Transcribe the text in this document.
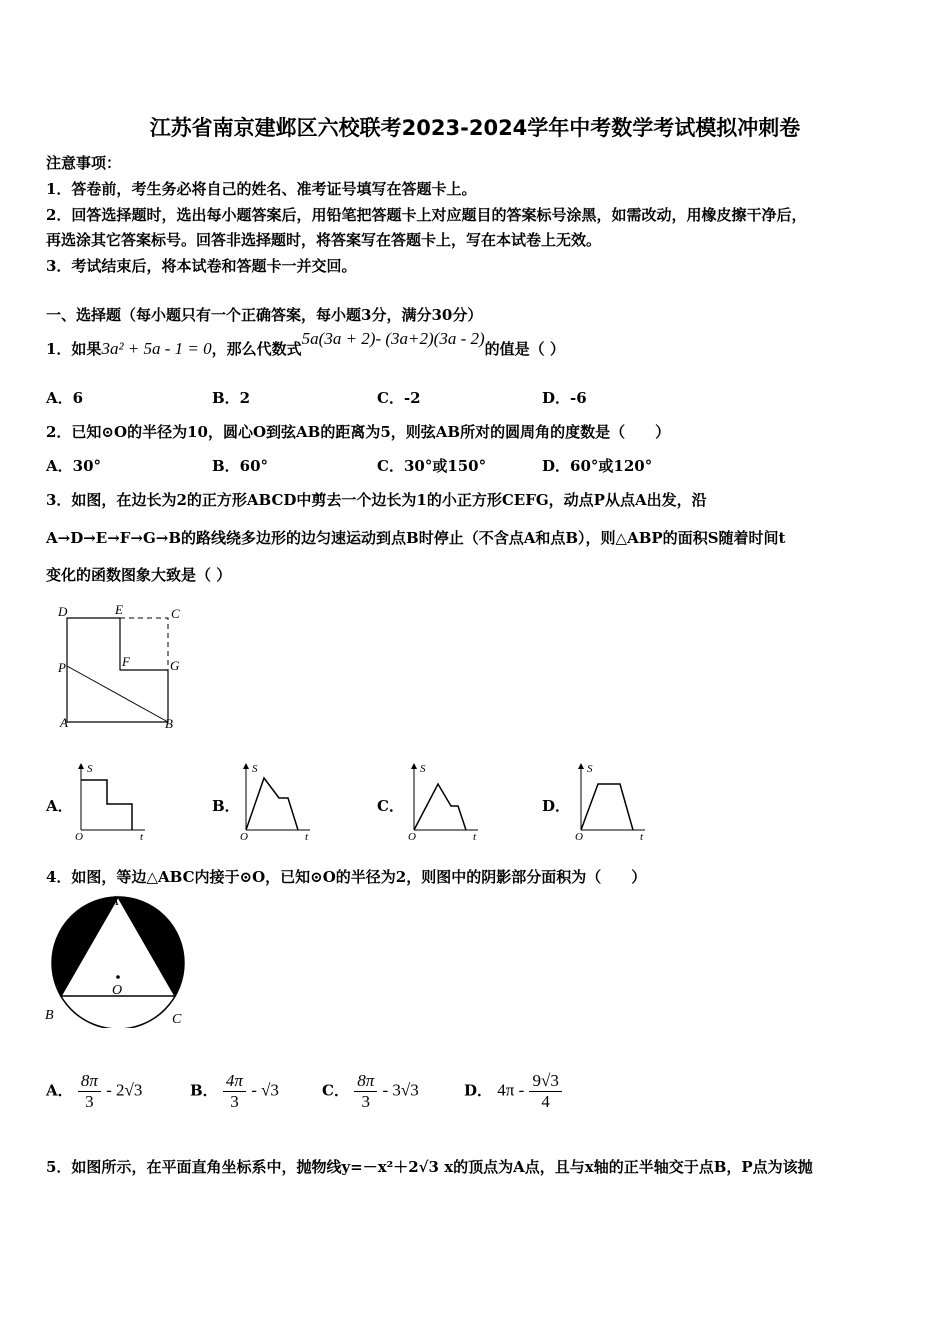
江苏省南京建邺区六校联考2023-2024学年中考数学考试模拟冲刺卷
注意事项：
1．答卷前，考生务必将自己的姓名、准考证号填写在答题卡上。
2．回答选择题时，选出每小题答案后，用铅笔把答题卡上对应题目的答案标号涂黑，如需改动，用橡皮擦干净后，
再选涂其它答案标号。回答非选择题时，将答案写在答题卡上，写在本试卷上无效。
3．考试结束后，将本试卷和答题卡一并交回。
一、选择题（每小题只有一个正确答案，每小题3分，满分30分）
1．如果3a² + 5a - 1 = 0，那么代数式5a(3a + 2)- (3a+2)(3a - 2)的值是（ ）
A．6	B．2	C．-2	D．-6
2．已知⊙O的半径为10，圆心O到弦AB的距离为5，则弦AB所对的圆周角的度数是（　　）
A．30°	B．60°	C．30°或150°	D．60°或120°
3．如图，在边长为2的正方形ABCD中剪去一个边长为1的小正方形CEFG，动点P从点A出发，沿
A→D→E→F→G→B的路线绕多边形的边匀速运动到点B时停止（不含点A和点B），则△ABP的面积S随着时间t
变化的函数图象大致是（ ）
D	E	C
F	G
P
A	B
A．
S
t
O
B．
S
t
O
C．
S
t
O
D．
S
t
O
4．如图，等边△ABC内接于⊙O，已知⊙O的半径为2，则图中的阴影部分面积为（　　）
A
B	C
O
A． $\frac{8\pi}{3} - 2√3$	B． $\frac{4\pi}{3} - √3$	C． $\frac{8\pi}{3} - 3√3$	D． $4\pi - \frac{9√3}{4}$
5．如图所示，在平面直角坐标系中，抛物线y=－x²＋2√3 x的顶点为A点，且与x轴的正半轴交于点B，P点为该抛
